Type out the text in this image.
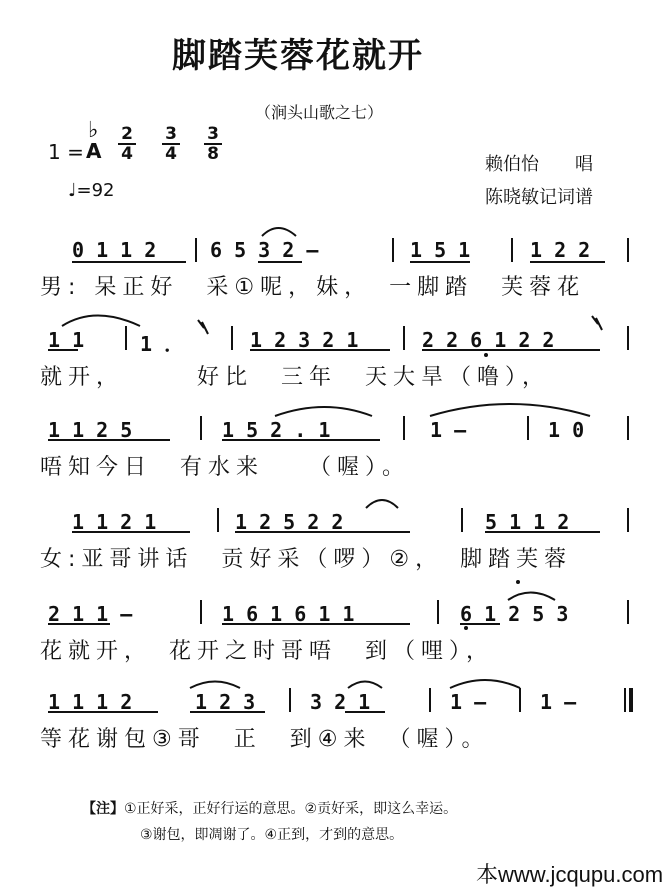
脚踏芙蓉花就开
（涧头山歌之七）
1 =
♭
A
2
4
3
4
3
8
♩=92
赖伯怡　　唱
陈晓敏记词谱
0 1 1 2	6 5 3 2 –	1 5 1	1 2 2
男: 呆正好　采①呢，妹，　一脚踏　芙蓉花
1 1	1 ．	1 2 3 2 1	2 2 6 1 2 2
就开，　　　好比　三年　天大旱（噜），
1 1 2 5	1 5 2 . 1	1 –	1 0
唔知今日　有水来　　（喔）。
1 1 2 1	1 2 5 2 2	5 1 1 2
女:亚哥讲话　贡好采（啰）②，　脚踏芙蓉
2 1 1 –	1 6 1 6 1 1	6 1 2 5 3
花就开，　花开之时哥唔　到（哩），
1 1 1 2	1 2 3	3 2 1	1 –	1 –
等花谢包③哥　正　到④来　（喔）。
【注】①正好采，正好行运的意思。②贡好采，即这么幸运。
③谢包，即凋谢了。④正到，才到的意思。
本www.jcqupu.com
